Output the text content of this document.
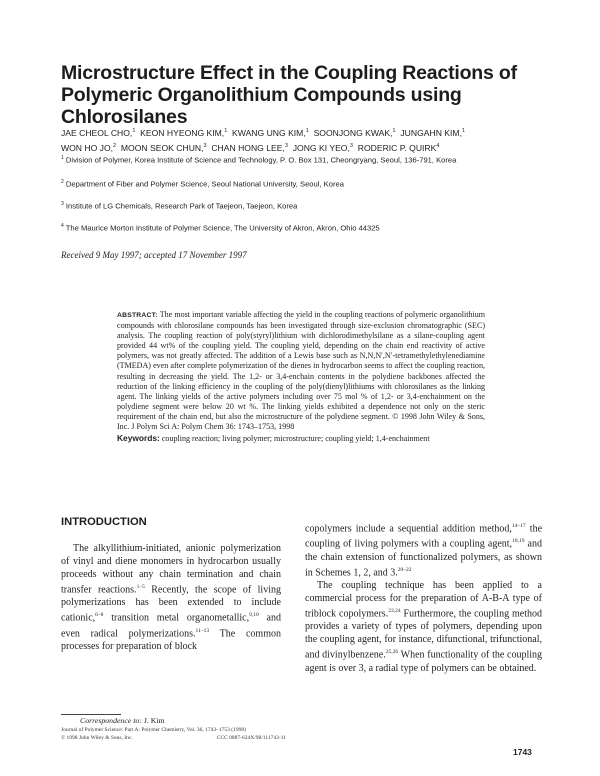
Microstructure Effect in the Coupling Reactions of
Polymeric Organolithium Compounds using Chlorosilanes
JAE CHEOL CHO,$^1$ KEON HYEONG KIM,$^1$ KWANG UNG KIM,$^1$ SOONJONG KWAK,$^1$ JUNGAHN KIM,$^1$
WON HO JO,$^2$ MOON SEOK CHUN,$^3$ CHAN HONG LEE,$^3$ JONG KI YEO,$^3$ RODERIC P. QUIRK$^4$
$^1$ Division of Polymer, Korea Institute of Science and Technology, P. O. Box 131, Cheongryang, Seoul, 136-791, Korea
$^2$ Department of Fiber and Polymer Science, Seoul National University, Seoul, Korea
$^3$ Institute of LG Chemicals, Research Park of Taejeon, Taejeon, Korea
$^4$ The Maurice Morton Institute of Polymer Science, The University of Akron, Akron, Ohio 44325
Received 9 May 1997; accepted 17 November 1997

ABSTRACT: The most important variable affecting the yield in the coupling reactions of polymeric organolithium compounds with chlorosilane compounds has been investigated through size-exclusion chromatographic (SEC) analysis. The coupling reaction of poly(styryl)lithium with dichlorodimethylsilane as a silane-coupling agent provided 44 wt% of the coupling yield. The coupling yield, depending on the chain end reactivity of active polymers, was not greatly affected. The addition of a Lewis base such as N,N,N′,N′-tetramethylethylenediamine (TMEDA) even after complete polymerization of the dienes in hydrocarbon seems to affect the coupling reaction, resulting in decreasing the yield. The 1,2- or 3,4-enchain contents in the polydiene backbones affected the reduction of the linking efficiency in the coupling of the poly(dienyl)lithiums with chlorosilanes as the linking agent. The linking yields of the active polymers including over 75 mol % of 1,2- or 3,4-enchainment on the polydiene segment were below 20 wt %. The linking yields exhibited a dependence not only on the steric requirement of the chain end, but also the microstructure of the polydiene segment. © 1998 John Wiley & Sons, Inc. J Polym Sci A: Polym Chem 36: 1743–1753, 1998

Keywords: coupling reaction; living polymer; microstructure; coupling yield; 1,4-enchainment

INTRODUCTION

The alkyllithium-initiated, anionic polymerization of vinyl and diene monomers in hydrocarbon usually proceeds without any chain termination and chain transfer reactions.$^{1-5}$ Recently, the scope of living polymerizations has been extended to include cationic,$^{6-8}$ transition metal organometallic,$^{9,10}$ and even radical polymerizations.$^{11-13}$ The common processes for preparation of block

copolymers include a sequential addition method,$^{14-17}$ the coupling of living polymers with a coupling agent,$^{18,19}$ and the chain extension of functionalized polymers, as shown in Schemes 1, 2, and 3.$^{20-22}$

The coupling technique has been applied to a commercial process for the preparation of A-B-A type of triblock copolymers.$^{23,24}$ Furthermore, the coupling method provides a variety of types of polymers, depending upon the coupling agent, for instance, difunctional, trifunctional, and divinylbenzene.$^{25,26}$ When functionality of the coupling agent is over 3, a radial type of polymers can be obtained.

Correspondence to: J. Kim
Journal of Polymer Science: Part A: Polymer Chemistry, Vol. 36, 1743–1753 (1998)
© 1998 John Wiley & Sons, Inc.	CCC 0887-624X/98/111743-11
1743
